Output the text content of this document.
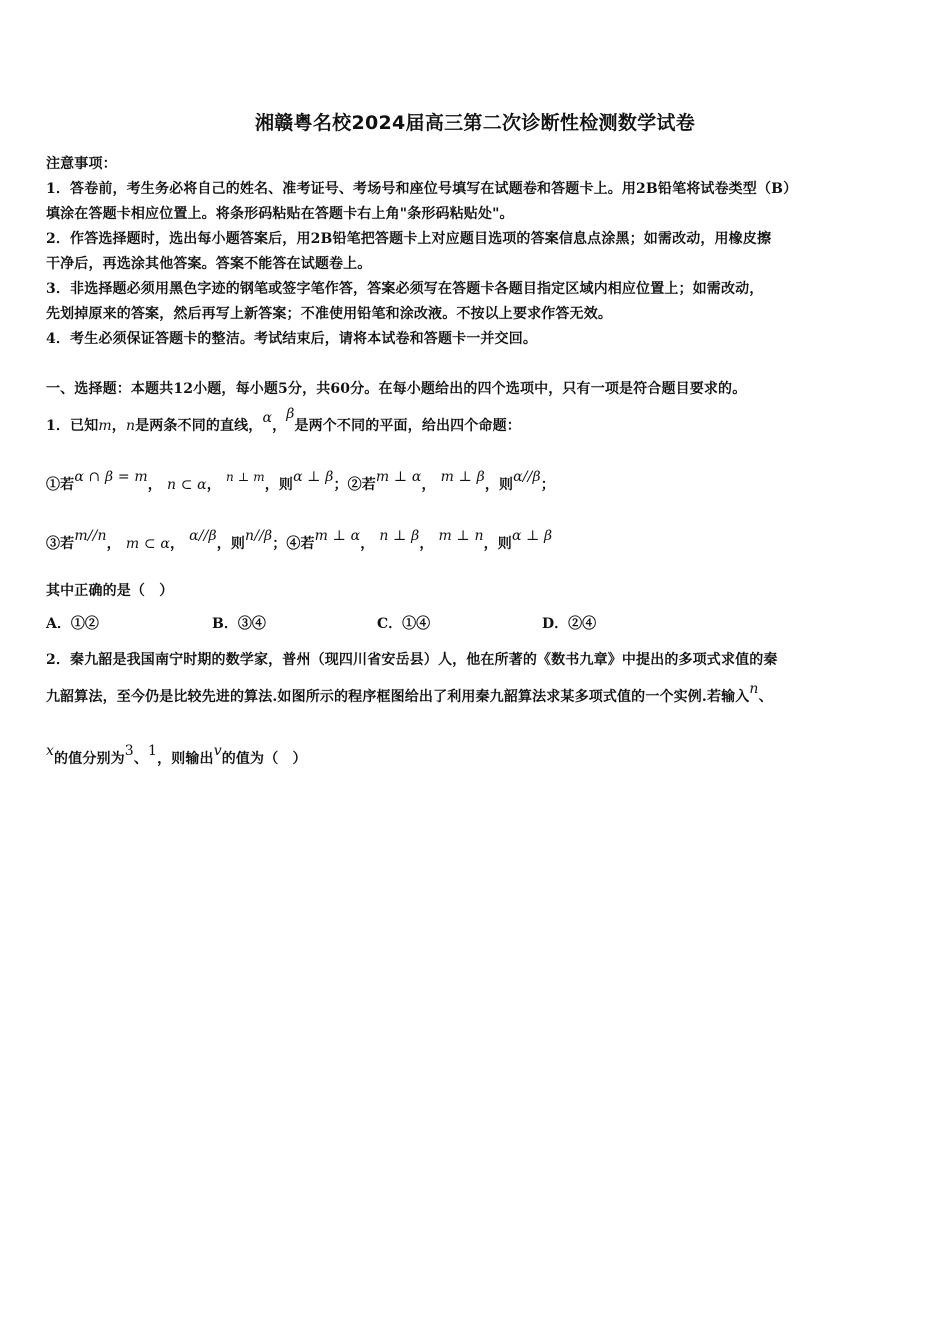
湘赣粤名校2024届高三第二次诊断性检测数学试卷
注意事项：
1．答卷前，考生务必将自己的姓名、准考证号、考场号和座位号填写在试题卷和答题卡上。用2B铅笔将试卷类型（B）
填涂在答题卡相应位置上。将条形码粘贴在答题卡右上角"条形码粘贴处"。
2．作答选择题时，选出每小题答案后，用2B铅笔把答题卡上对应题目选项的答案信息点涂黑；如需改动，用橡皮擦
干净后，再选涂其他答案。答案不能答在试题卷上。
3．非选择题必须用黑色字迹的钢笔或签字笔作答，答案必须写在答题卡各题目指定区域内相应位置上；如需改动，
先划掉原来的答案，然后再写上新答案；不准使用铅笔和涂改液。不按以上要求作答无效。
4．考生必须保证答题卡的整洁。考试结束后，请将本试卷和答题卡一并交回。
一、选择题：本题共12小题，每小题5分，共60分。在每小题给出的四个选项中，只有一项是符合题目要求的。
1．已知m，n是两条不同的直线，α，β是两个不同的平面，给出四个命题：
①若α ∩ β = m， n ⊂ α， n ⊥ m，则α ⊥ β；②若m ⊥ α， m ⊥ β，则α//β；
③若m//n， m ⊂ α， α//β，则n//β；④若m ⊥ α， n ⊥ β， m ⊥ n，则α ⊥ β
其中正确的是（　）
A．①②	B．③④	C．①④	D．②④
2．秦九韶是我国南宁时期的数学家，普州（现四川省安岳县）人，他在所著的《数书九章》中提出的多项式求值的秦
九韶算法，至今仍是比较先进的算法.如图所示的程序框图给出了利用秦九韶算法求某多项式值的一个实例.若输入n、
x的值分别为3、1，则输出v的值为（　）
